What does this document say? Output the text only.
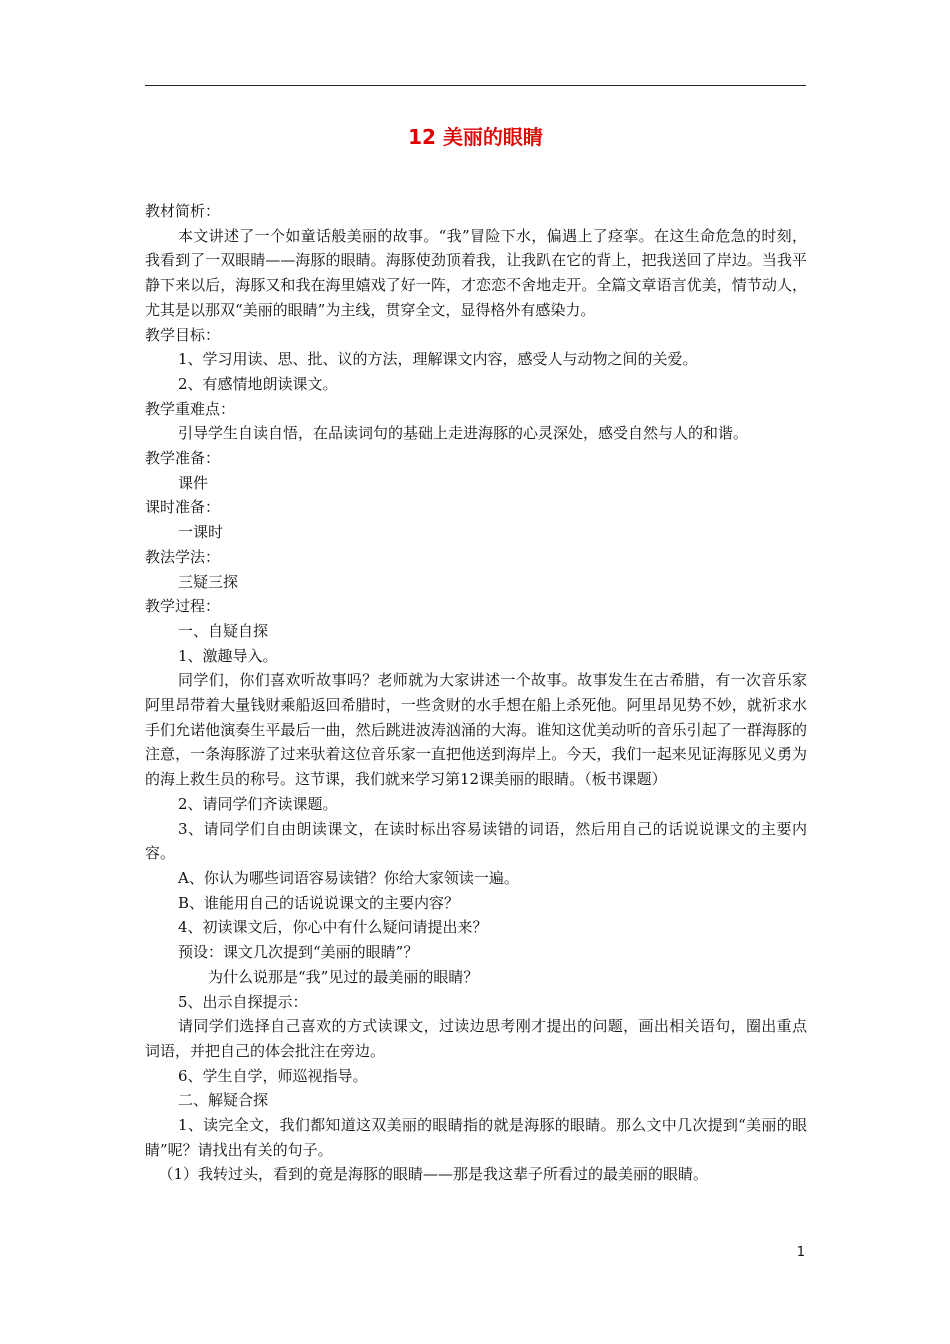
12 美丽的眼睛

教材简析：

本文讲述了一个如童话般美丽的故事。“我”冒险下水，偏遇上了痉挛。在这生命危急的时刻，我看到了一双眼睛——海豚的眼睛。海豚使劲顶着我，让我趴在它的背上，把我送回了岸边。当我平静下来以后，海豚又和我在海里嬉戏了好一阵，才恋恋不舍地走开。全篇文章语言优美，情节动人，尤其是以那双“美丽的眼睛”为主线，贯穿全文，显得格外有感染力。

教学目标：

1、学习用读、思、批、议的方法，理解课文内容，感受人与动物之间的关爱。

2、有感情地朗读课文。

教学重难点：

引导学生自读自悟，在品读词句的基础上走进海豚的心灵深处，感受自然与人的和谐。

教学准备：

课件

课时准备：

一课时

教法学法：

三疑三探

教学过程：

一、自疑自探

1、激趣导入。

同学们，你们喜欢听故事吗？老师就为大家讲述一个故事。故事发生在古希腊，有一次音乐家阿里昂带着大量钱财乘船返回希腊时，一些贪财的水手想在船上杀死他。阿里昂见势不妙，就祈求水手们允诺他演奏生平最后一曲，然后跳进波涛汹涌的大海。谁知这优美动听的音乐引起了一群海豚的注意，一条海豚游了过来驮着这位音乐家一直把他送到海岸上。今天，我们一起来见证海豚见义勇为的海上救生员的称号。这节课，我们就来学习第12课美丽的眼睛。（板书课题）

2、请同学们齐读课题。

3、请同学们自由朗读课文，在读时标出容易读错的词语，然后用自己的话说说课文的主要内容。

A、你认为哪些词语容易读错？你给大家领读一遍。

B、谁能用自己的话说说课文的主要内容？

4、初读课文后，你心中有什么疑问请提出来？

预设：课文几次提到“美丽的眼睛”？

为什么说那是“我”见过的最美丽的眼睛？

5、出示自探提示：

请同学们选择自己喜欢的方式读课文，过读边思考刚才提出的问题，画出相关语句，圈出重点词语，并把自己的体会批注在旁边。

6、学生自学，师巡视指导。

二、解疑合探

1、读完全文，我们都知道这双美丽的眼睛指的就是海豚的眼睛。那么文中几次提到“美丽的眼睛”呢？请找出有关的句子。

（1）我转过头，看到的竟是海豚的眼睛——那是我这辈子所看过的最美丽的眼睛。

1
